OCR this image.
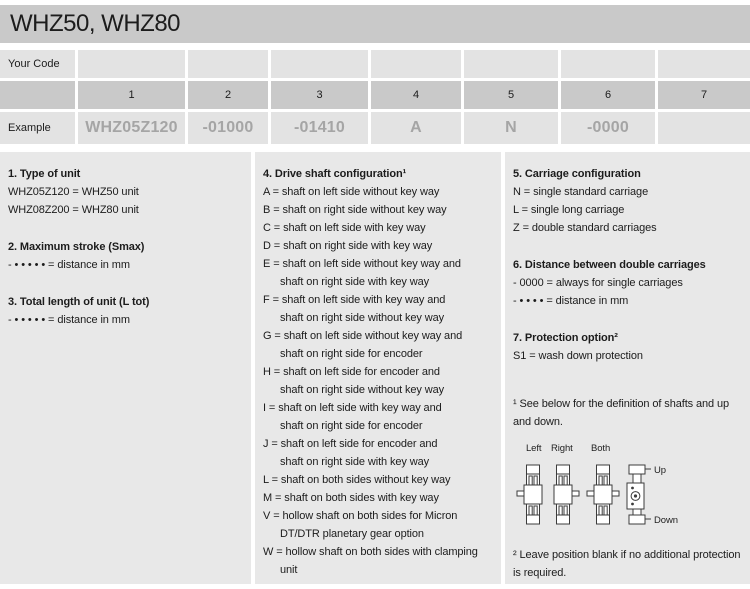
WHZ50, WHZ80
Your Code
1	2	3	4	5	6	7
Example	WHZ05Z120	-01000	-01410	A	N	-0000
1. Type of unit
WHZ05Z120 = WHZ50 unit
WHZ08Z200 = WHZ80 unit
2. Maximum stroke (Smax)
- • • • • • = distance in mm
3. Total length of unit (L tot)
- • • • • • = distance in mm
4. Drive shaft configuration¹
A = shaft on left side without key way
B = shaft on right side without key way
C = shaft on left side with key way
D = shaft on right side with key way
E = shaft on left side without key way and
shaft on right side with key way
F = shaft on left side with key way and
shaft on right side without key way
G = shaft on left side without key way and
shaft on right side for encoder
H = shaft on left side for encoder and
shaft on right side without key way
I = shaft on left side with key way and
shaft on right side for encoder
J = shaft on left side for encoder and
shaft on right side with key way
L = shaft on both sides without key way
M = shaft on both sides with key way
V = hollow shaft on both sides for Micron
DT/DTR planetary gear option
W = hollow shaft on both sides with clamping
unit
5. Carriage configuration
N = single standard carriage
L = single long carriage
Z = double standard carriages
6. Distance between double carriages
- 0000 = always for single carriages
- • • • • = distance in mm
7. Protection option²
S1 = wash down protection
¹ See below for the definition of shafts and up and down.
Left Right Both
Up
Down
² Leave position blank if no additional protection is required.
